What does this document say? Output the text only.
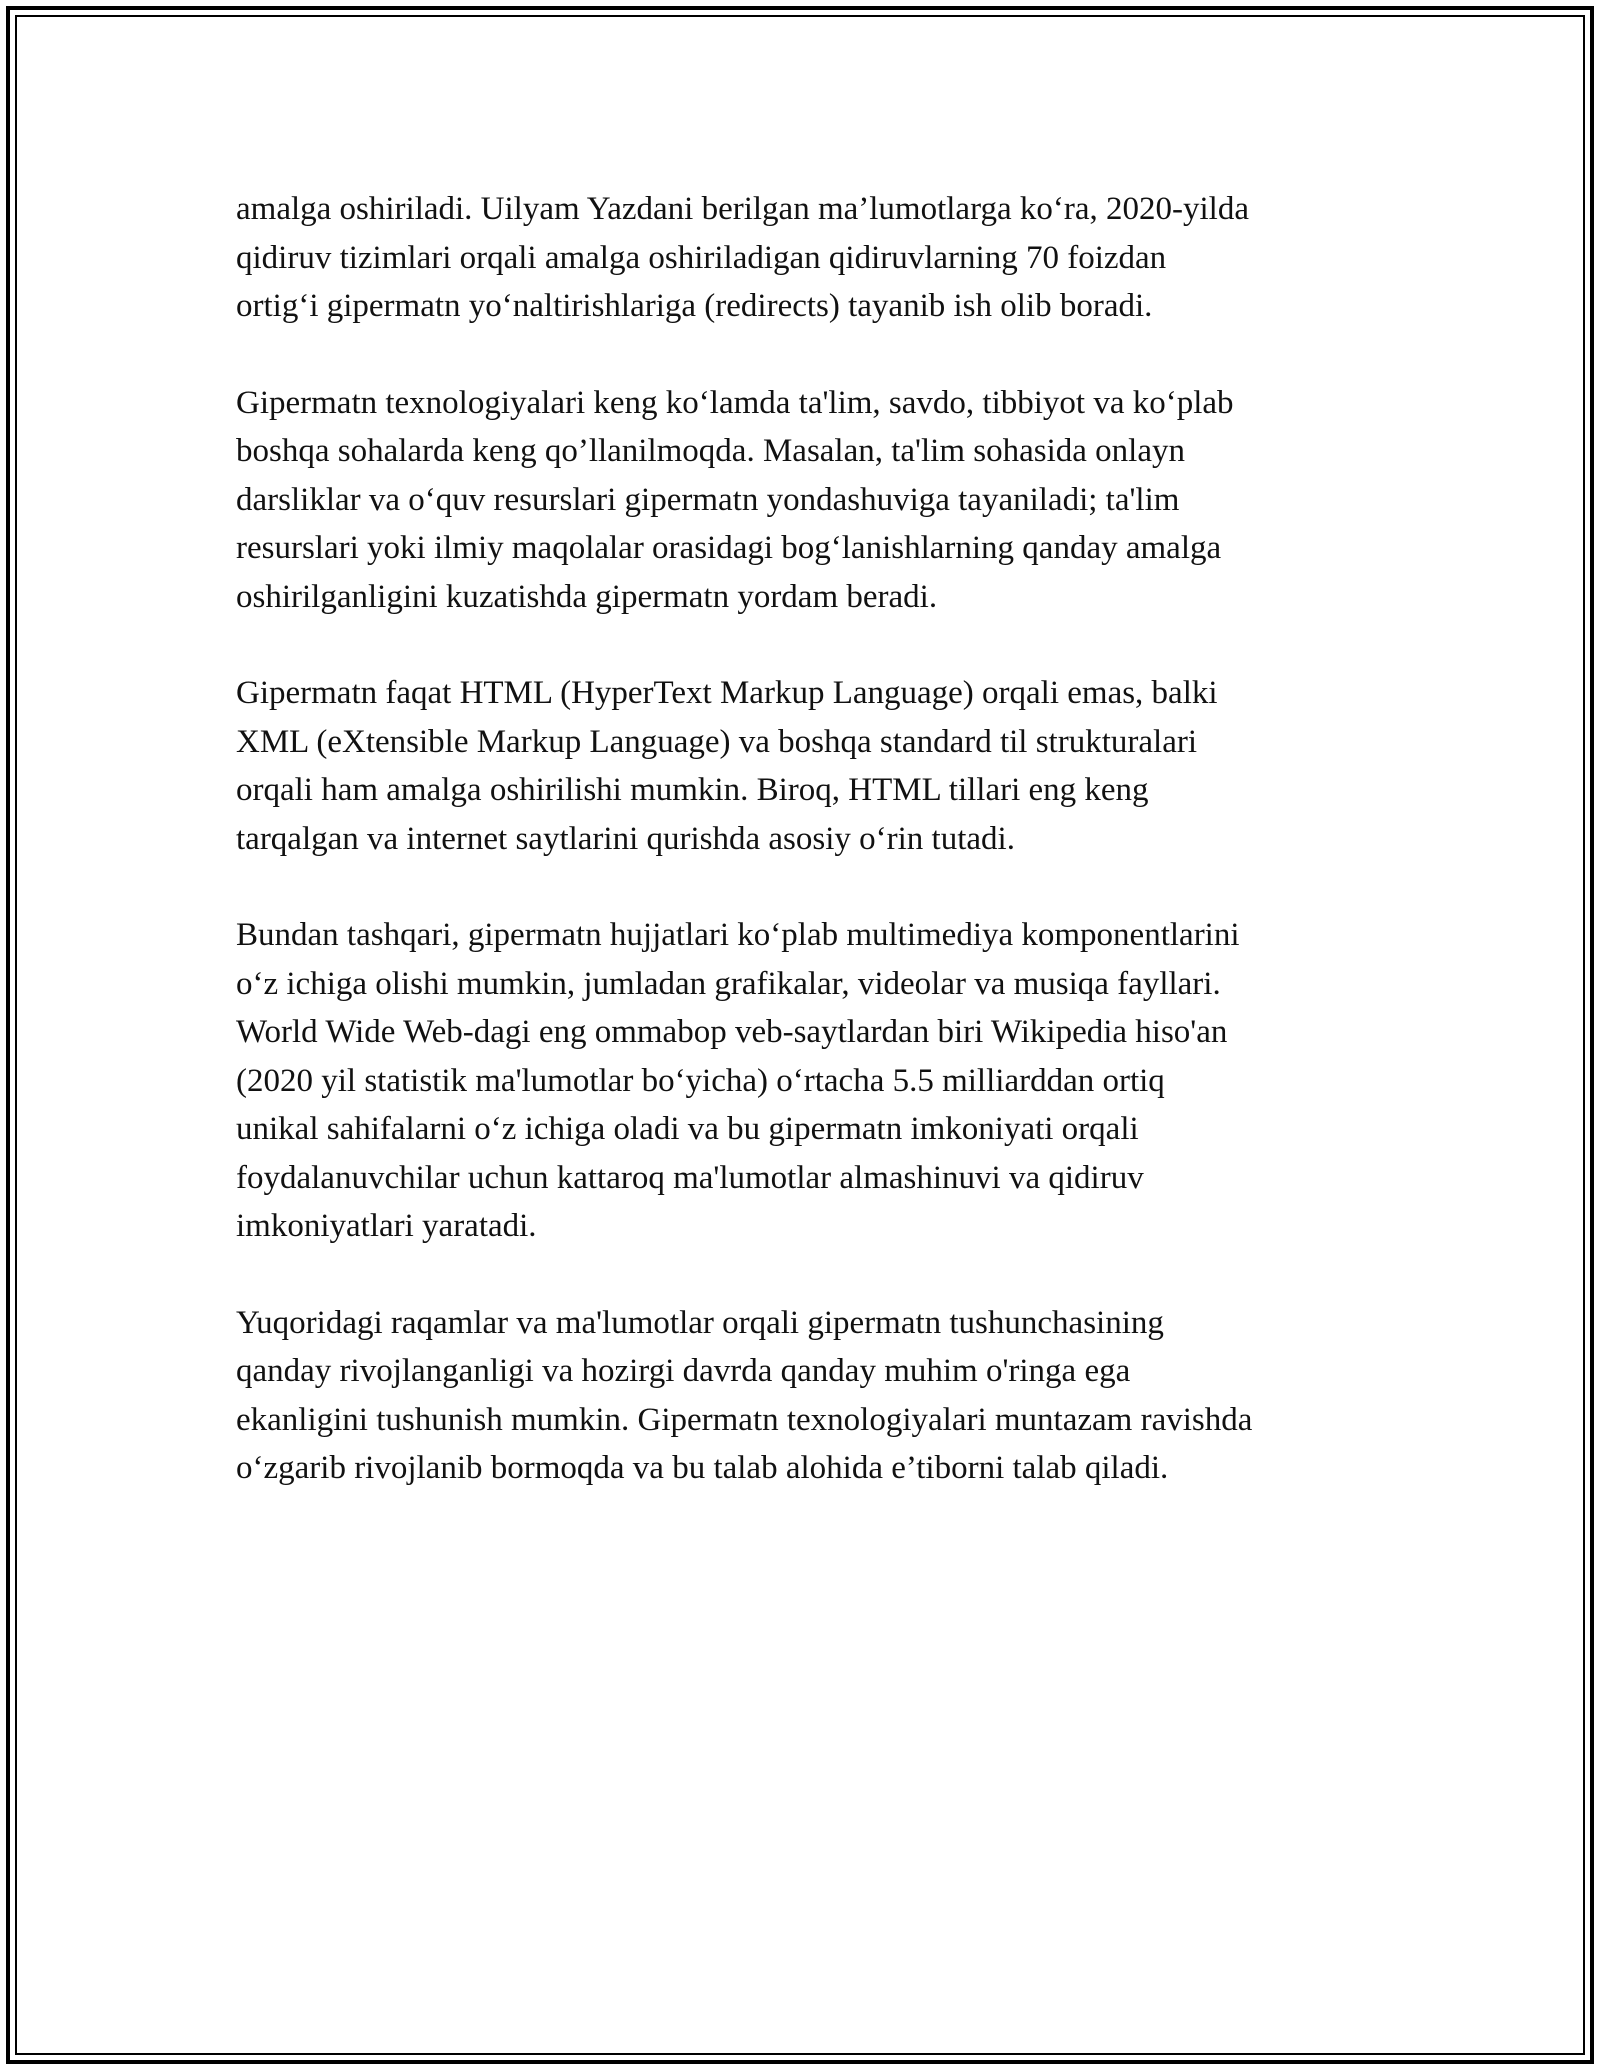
amalga oshiriladi. Uilyam Yazdani berilgan ma’lumotlarga ko‘ra, 2020-yilda
qidiruv tizimlari orqali amalga oshiriladigan qidiruvlarning 70 foizdan
ortig‘i gipermatn yo‘naltirishlariga (redirects) tayanib ish olib boradi.

Gipermatn texnologiyalari keng ko‘lamda ta'lim, savdo, tibbiyot va ko‘plab
boshqa sohalarda keng qo’llanilmoqda. Masalan, ta'lim sohasida onlayn
darsliklar va o‘quv resurslari gipermatn yondashuviga tayaniladi; ta'lim
resurslari yoki ilmiy maqolalar orasidagi bog‘lanishlarning qanday amalga
oshirilganligini kuzatishda gipermatn yordam beradi.

Gipermatn faqat HTML (HyperText Markup Language) orqali emas, balki
XML (eXtensible Markup Language) va boshqa standard til strukturalari
orqali ham amalga oshirilishi mumkin. Biroq, HTML tillari eng keng
tarqalgan va internet saytlarini qurishda asosiy o‘rin tutadi.

Bundan tashqari, gipermatn hujjatlari ko‘plab multimediya komponentlarini
o‘z ichiga olishi mumkin, jumladan grafikalar, videolar va musiqa fayllari.
World Wide Web-dagi eng ommabop veb-saytlardan biri Wikipedia hiso'an
(2020 yil statistik ma'lumotlar bo‘yicha) o‘rtacha 5.5 milliarddan ortiq
unikal sahifalarni o‘z ichiga oladi va bu gipermatn imkoniyati orqali
foydalanuvchilar uchun kattaroq ma'lumotlar almashinuvi va qidiruv
imkoniyatlari yaratadi.

Yuqoridagi raqamlar va ma'lumotlar orqali gipermatn tushunchasining
qanday rivojlanganligi va hozirgi davrda qanday muhim o'ringa ega
ekanligini tushunish mumkin. Gipermatn texnologiyalari muntazam ravishda
o‘zgarib rivojlanib bormoqda va bu talab alohida e’tiborni talab qiladi.
